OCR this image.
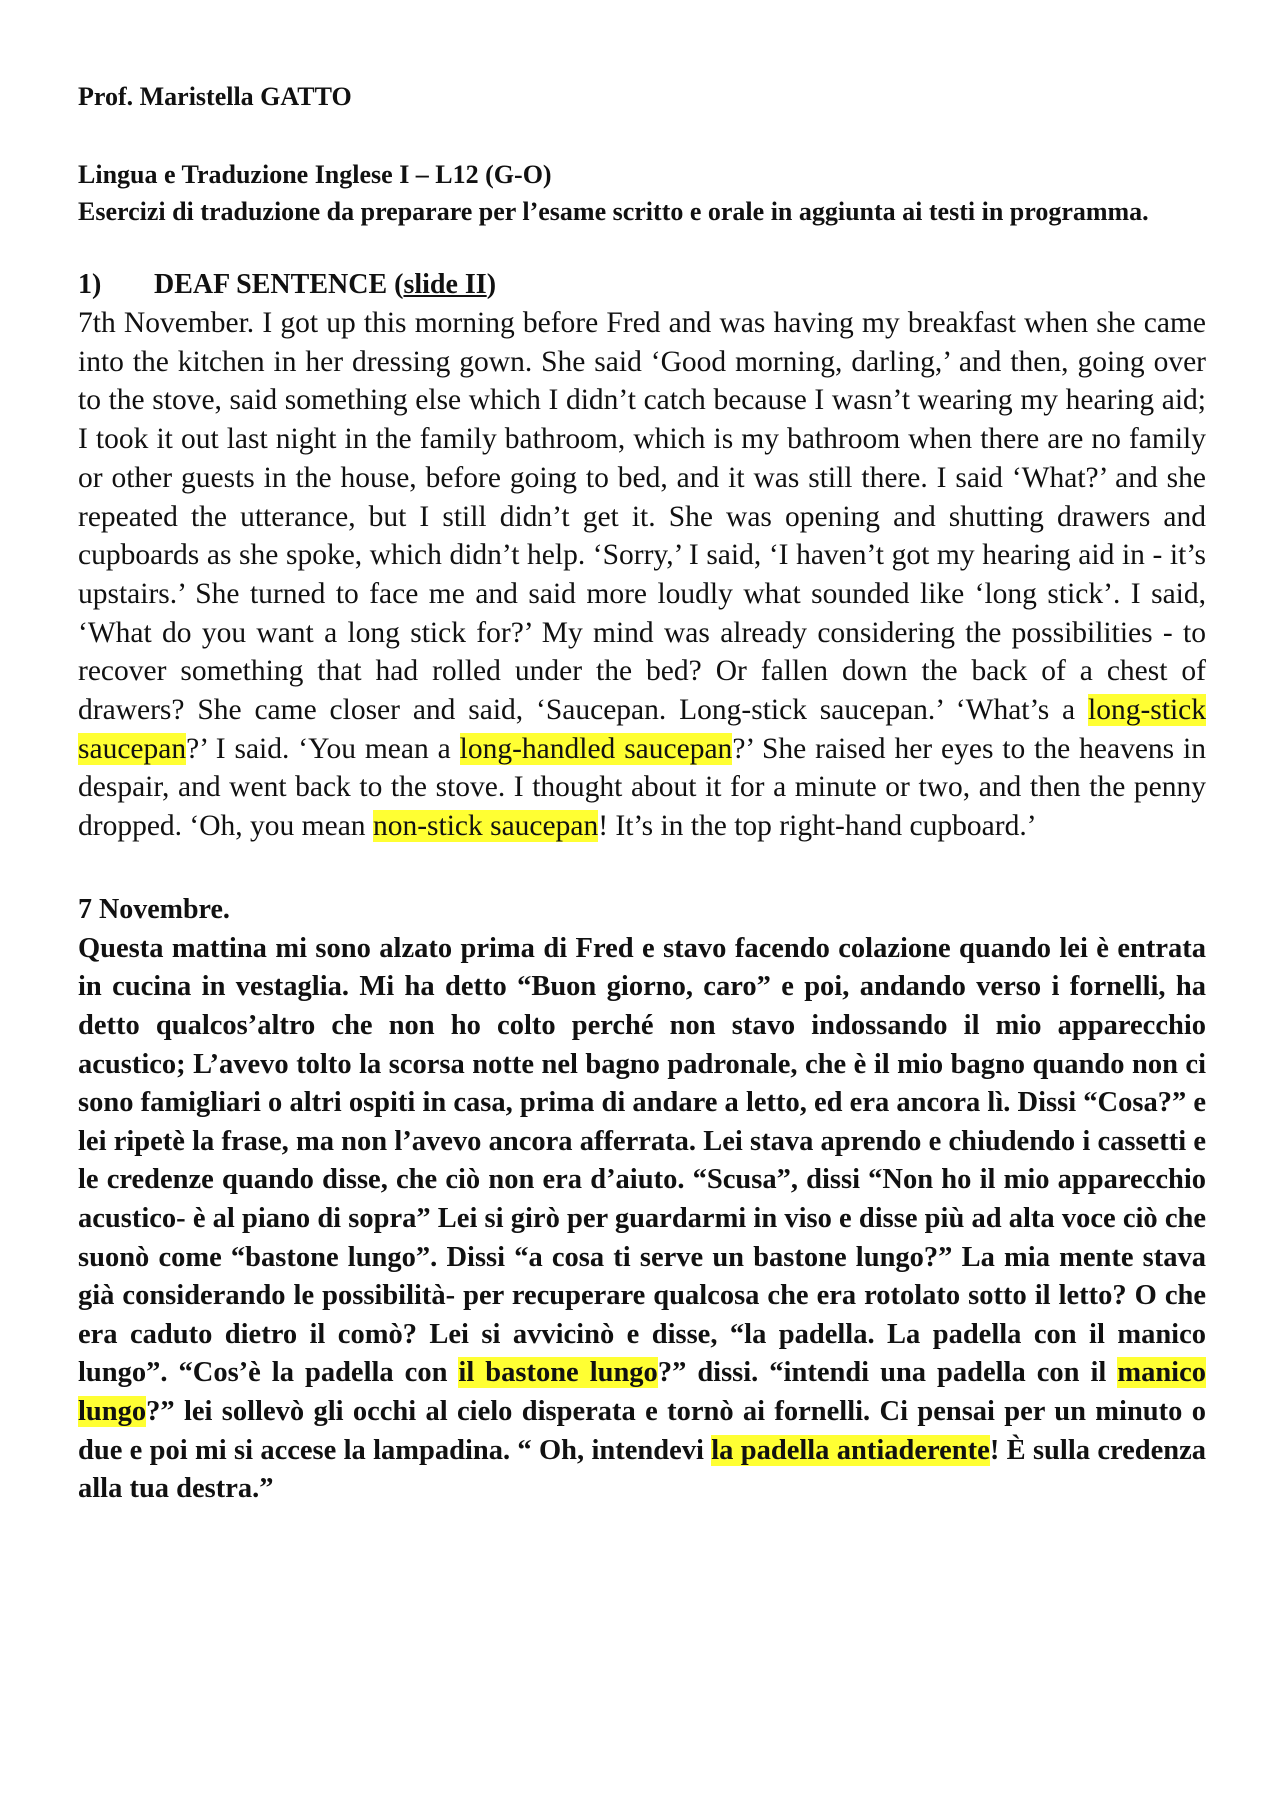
Prof. Maristella GATTO

Lingua e Traduzione Inglese I – L12 (G-O)

Esercizi di traduzione da preparare per l’esame scritto e orale in aggiunta ai testi in programma.

1) DEAF SENTENCE (slide II)

7th November. I got up this morning before Fred and was having my breakfast when she came into the kitchen in her dressing gown. She said ‘Good morning, darling,’ and then, going over to the stove, said something else which I didn’t catch because I wasn’t wearing my hearing aid; I took it out last night in the family bathroom, which is my bathroom when there are no family or other guests in the house, before going to bed, and it was still there. I said ‘What?’ and she repeated the utterance, but I still didn’t get it. She was opening and shutting drawers and cupboards as she spoke, which didn’t help. ‘Sorry,’ I said, ‘I haven’t got my hearing aid in - it’s upstairs.’ She turned to face me and said more loudly what sounded like ‘long stick’. I said, ‘What do you want a long stick for?’ My mind was already considering the possibilities - to recover something that had rolled under the bed? Or fallen down the back of a chest of drawers? She came closer and said, ‘Saucepan. Long-stick saucepan.’ ‘What’s a long-stick saucepan?’ I said. ‘You mean a long-handled saucepan?’ She raised her eyes to the heavens in despair, and went back to the stove. I thought about it for a minute or two, and then the penny dropped. ‘Oh, you mean non-stick saucepan! It’s in the top right-hand cupboard.’

7 Novembre.

Questa mattina mi sono alzato prima di Fred e stavo facendo colazione quando lei è entrata in cucina in vestaglia. Mi ha detto “Buon giorno, caro” e poi, andando verso i fornelli, ha detto qualcos’altro che non ho colto perché non stavo indossando il mio apparecchio acustico; L’avevo tolto la scorsa notte nel bagno padronale, che è il mio bagno quando non ci sono famigliari o altri ospiti in casa, prima di andare a letto, ed era ancora lì. Dissi “Cosa?” e lei ripetè la frase, ma non l’avevo ancora afferrata. Lei stava aprendo e chiudendo i cassetti e le credenze quando disse, che ciò non era d’aiuto. “Scusa”, dissi “Non ho il mio apparecchio acustico- è al piano di sopra” Lei si girò per guardarmi in viso e disse più ad alta voce ciò che suonò come “bastone lungo”. Dissi “a cosa ti serve un bastone lungo?” La mia mente stava già considerando le possibilità- per recuperare qualcosa che era rotolato sotto il letto? O che era caduto dietro il comò? Lei si avvicinò e disse, “la padella. La padella con il manico lungo”. “Cos’è la padella con il bastone lungo?” dissi. “intendi una padella con il manico lungo?” lei sollevò gli occhi al cielo disperata e tornò ai fornelli. Ci pensai per un minuto o due e poi mi si accese la lampadina. “ Oh, intendevi la padella antiaderente! È sulla credenza alla tua destra.”
